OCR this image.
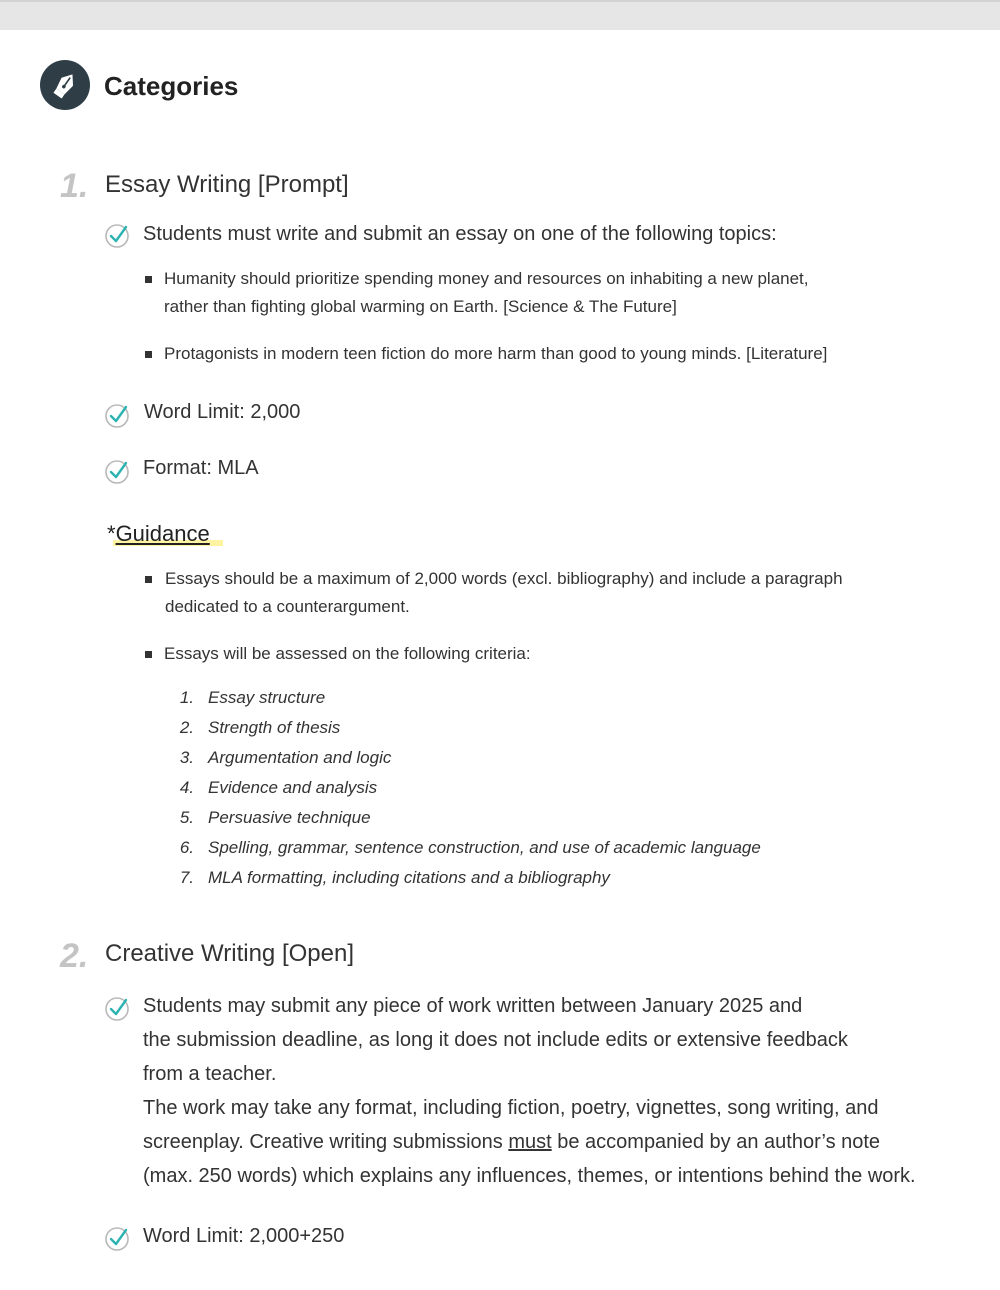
Categories
1. Essay Writing [Prompt]
Students must write and submit an essay on one of the following topics:
Humanity should prioritize spending money and resources on inhabiting a new planet,
rather than fighting global warming on Earth. [Science & The Future]
Protagonists in modern teen fiction do more harm than good to young minds. [Literature]
Word Limit: 2,000
Format: MLA
*Guidance
Essays should be a maximum of 2,000 words (excl. bibliography) and include a paragraph
dedicated to a counterargument.
Essays will be assessed on the following criteria:
1. Essay structure
2. Strength of thesis
3. Argumentation and logic
4. Evidence and analysis
5. Persuasive technique
6. Spelling, grammar, sentence construction, and use of academic language
7. MLA formatting, including citations and a bibliography
2. Creative Writing [Open]
Students may submit any piece of work written between January 2025 and
the submission deadline, as long it does not include edits or extensive feedback
from a teacher.
The work may take any format, including fiction, poetry, vignettes, song writing, and
screenplay. Creative writing submissions must be accompanied by an author’s note
(max. 250 words) which explains any influences, themes, or intentions behind the work.
Word Limit: 2,000+250
